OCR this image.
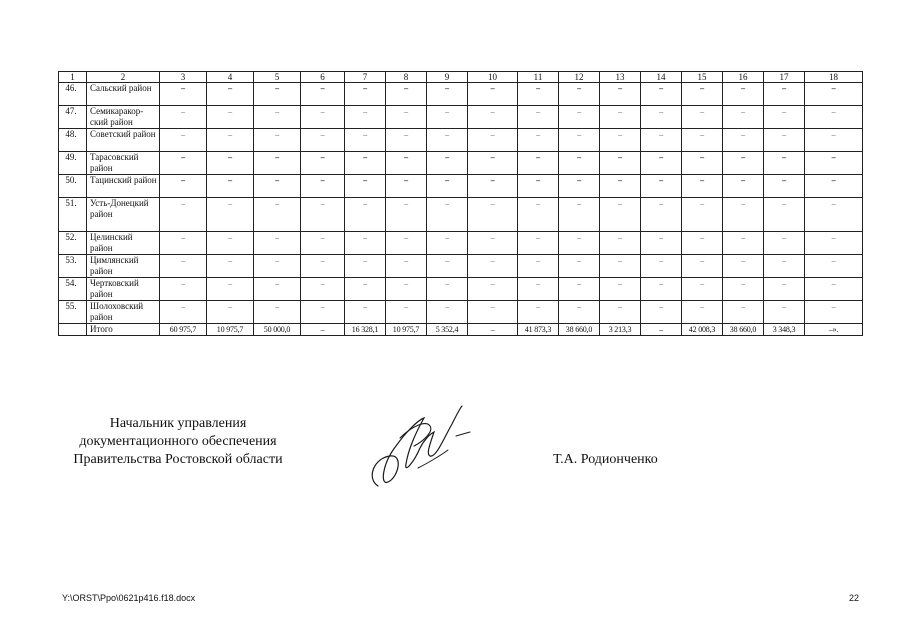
1	2	3	4	5	6	7	8	9	10	11	12	13	14	15	16	17	18
46.	Сальский район	–	–	–	–	–	–	–	–	–	–	–	–	–	–	–	–
47.	Семикаракор-ский район	–	–	–	–	–	–	–	–	–	–	–	–	–	–	–	–
48.	Советский район	–	–	–	–	–	–	–	–	–	–	–	–	–	–	–	–
49.	Тарасовский район	–	–	–	–	–	–	–	–	–	–	–	–	–	–	–	–
50.	Тацинский район	–	–	–	–	–	–	–	–	–	–	–	–	–	–	–	–
51.	Усть-Донецкий район	–	–	–	–	–	–	–	–	–	–	–	–	–	–	–	–
52.	Целинский район	–	–	–	–	–	–	–	–	–	–	–	–	–	–	–	–
53.	Цимлянский район	–	–	–	–	–	–	–	–	–	–	–	–	–	–	–	–
54.	Чертковский район	–	–	–	–	–	–	–	–	–	–	–	–	–	–	–	–
55.	Шолоховский район	–	–	–	–	–	–	–	–	–	–	–	–	–	–	–	–
	Итого	60 975,7	10 975,7	50 000,0	–	16 328,1	10 975,7	5 352,4	–	41 873,3	38 660,0	3 213,3	–	42 008,3	38 660,0	3 348,3	–».
Начальник управления
документационного обеспечения
Правительства Ростовской области	Т.А. Родионченко
Y:\ORST\Ppo\0621p416.f18.docx	22
